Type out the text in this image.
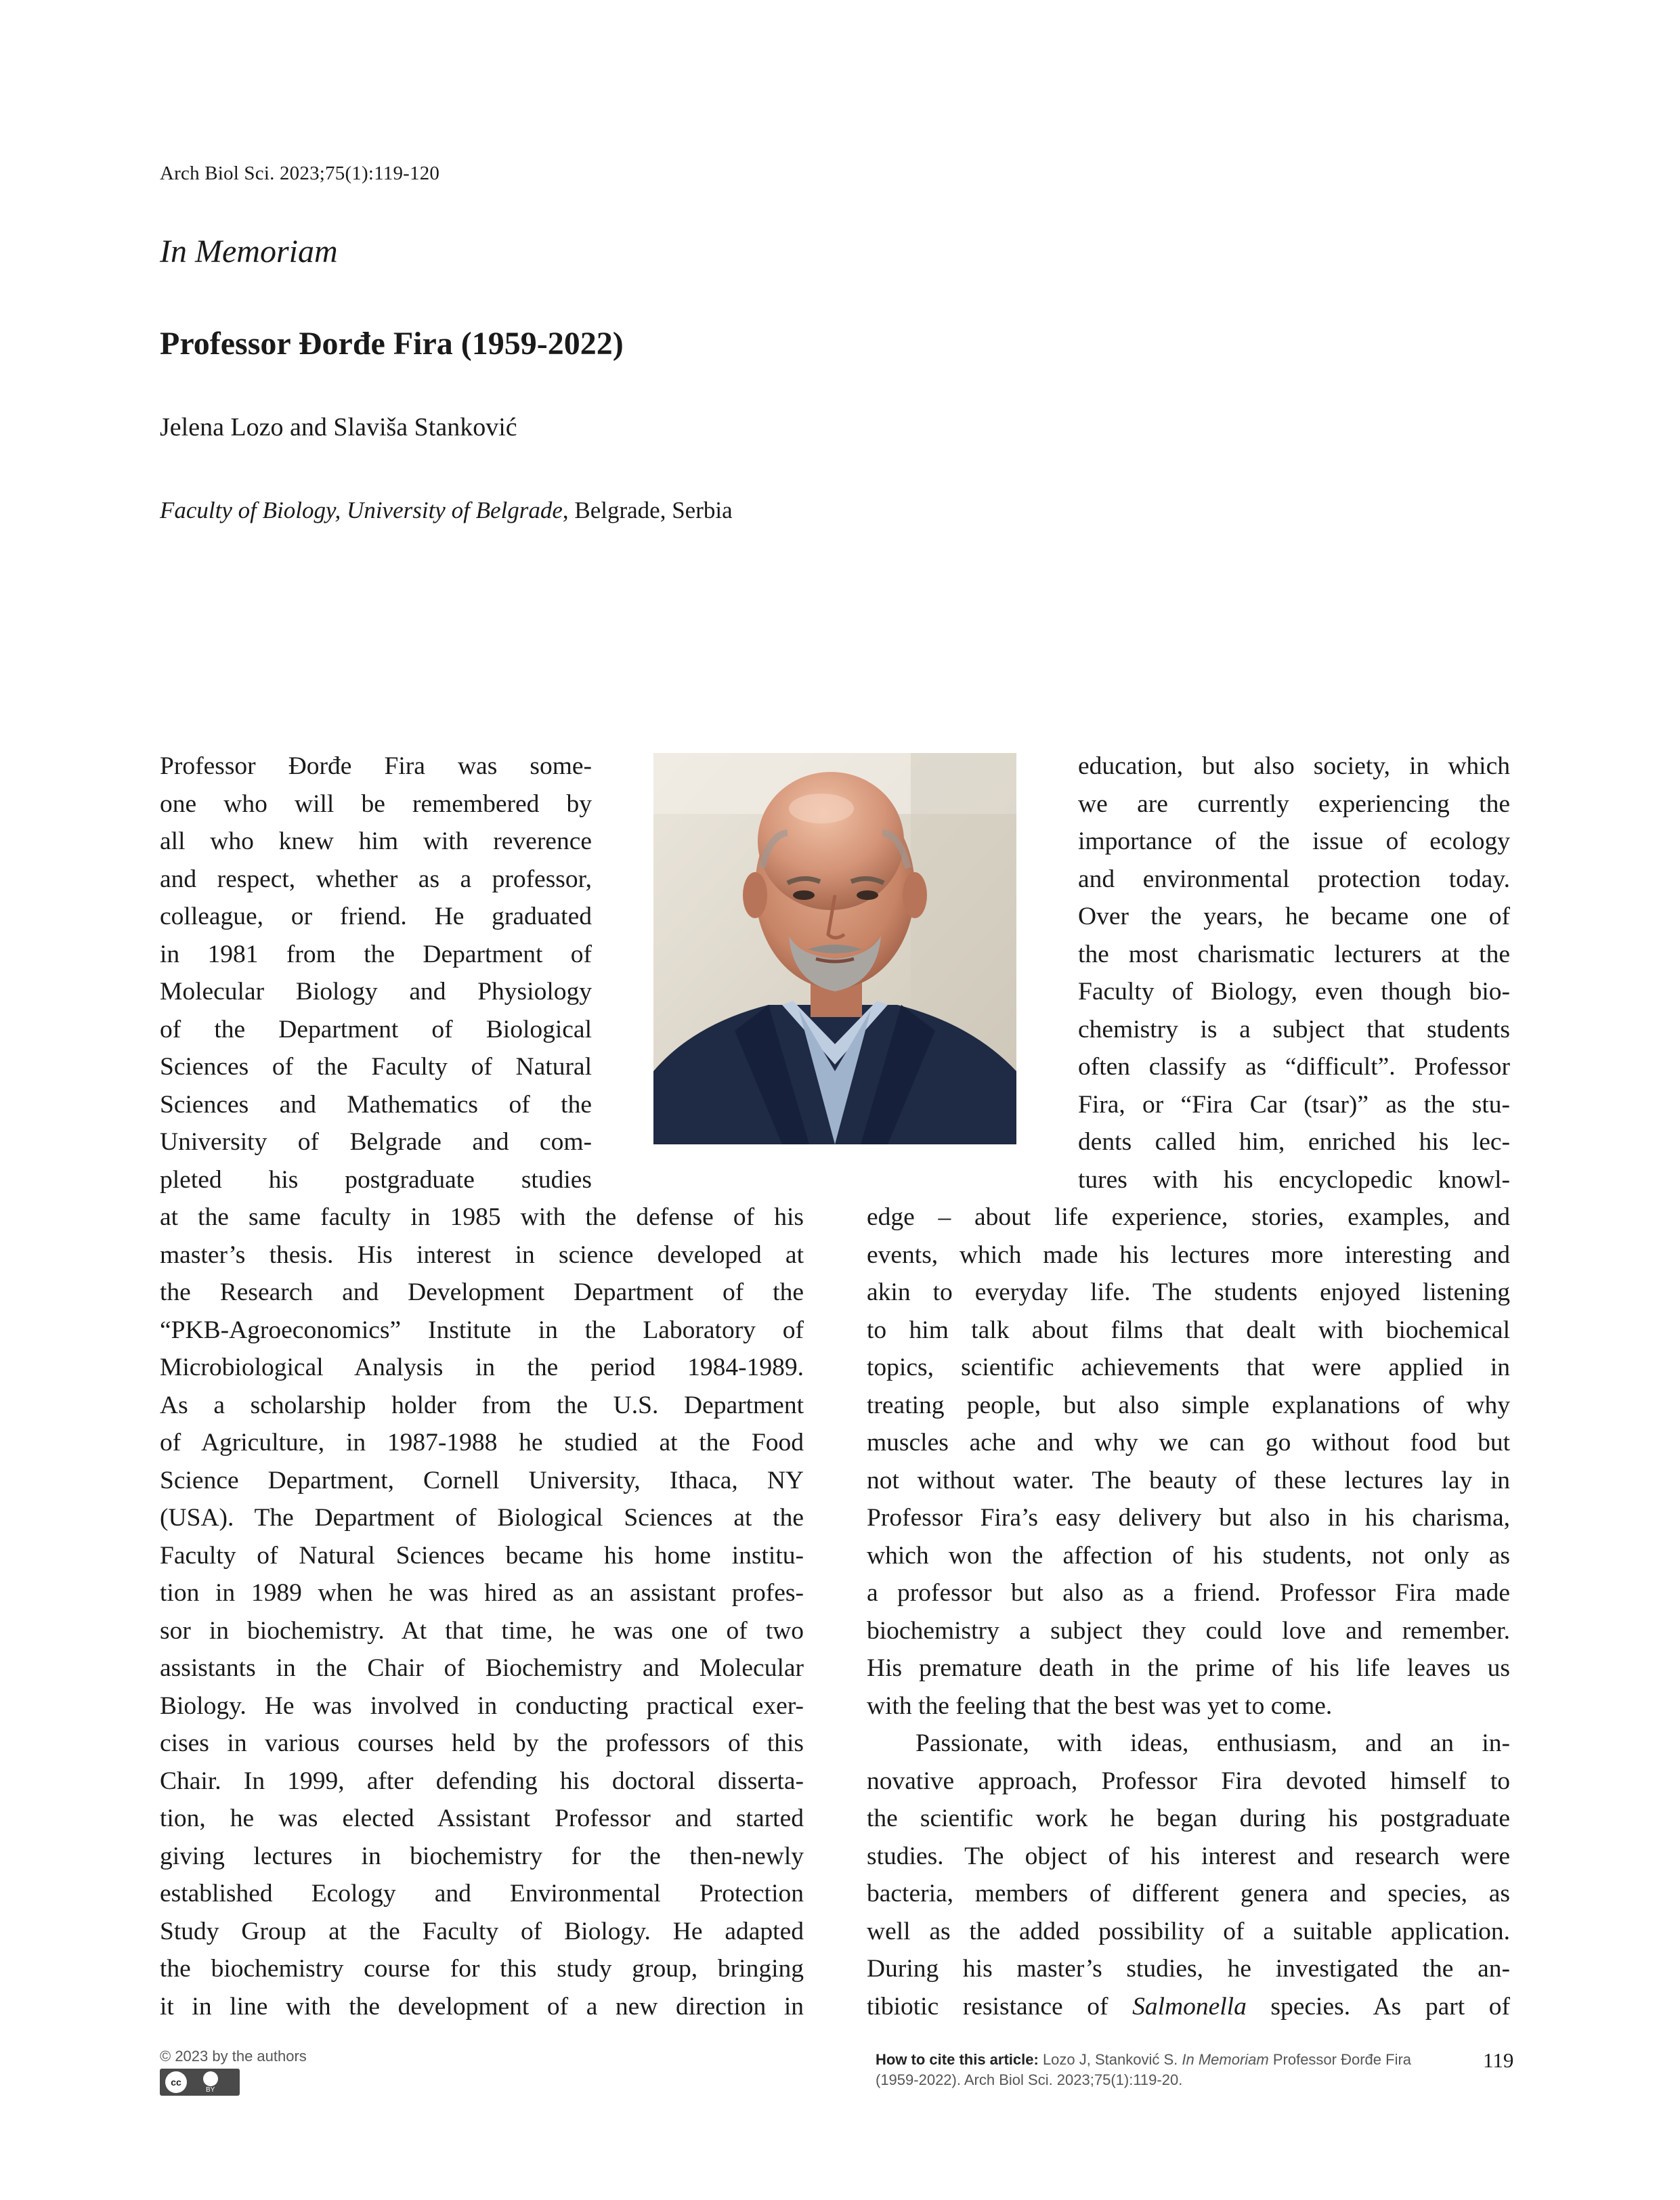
Arch Biol Sci. 2023;75(1):119-120
In Memoriam
Professor Đorđe Fira (1959-2022)
Jelena Lozo and Slaviša Stanković
Faculty of Biology, University of Belgrade, Belgrade, Serbia
Professor Đorđe Fira was some-
one who will be remembered by
all who knew him with reverence
and respect, whether as a professor,
colleague, or friend. He graduated
in 1981 from the Department of
Molecular Biology and Physiology
of the Department of Biological
Sciences of the Faculty of Natural
Sciences and Mathematics of the
University of Belgrade and com-
pleted his postgraduate studies
at the same faculty in 1985 with the defense of his
master’s thesis. His interest in science developed at
the Research and Development Department of the
“PKB-Agroeconomics” Institute in the Laboratory of
Microbiological Analysis in the period 1984-1989.
As a scholarship holder from the U.S. Department
of Agriculture, in 1987-1988 he studied at the Food
Science Department, Cornell University, Ithaca, NY
(USA). The Department of Biological Sciences at the
Faculty of Natural Sciences became his home institu-
tion in 1989 when he was hired as an assistant profes-
sor in biochemistry. At that time, he was one of two
assistants in the Chair of Biochemistry and Molecular
Biology. He was involved in conducting practical exer-
cises in various courses held by the professors of this
Chair. In 1999, after defending his doctoral disserta-
tion, he was elected Assistant Professor and started
giving lectures in biochemistry for the then-newly
established Ecology and Environmental Protection
Study Group at the Faculty of Biology. He adapted
the biochemistry course for this study group, bringing
it in line with the development of a new direction in
education, but also society, in which
we are currently experiencing the
importance of the issue of ecology
and environmental protection today.
Over the years, he became one of
the most charismatic lecturers at the
Faculty of Biology, even though bio-
chemistry is a subject that students
often classify as “difficult”. Professor
Fira, or “Fira Car (tsar)” as the stu-
dents called him, enriched his lec-
tures with his encyclopedic knowl-
edge – about life experience, stories, examples, and
events, which made his lectures more interesting and
akin to everyday life. The students enjoyed listening
to him talk about films that dealt with biochemical
topics, scientific achievements that were applied in
treating people, but also simple explanations of why
muscles ache and why we can go without food but
not without water. The beauty of these lectures lay in
Professor Fira’s easy delivery but also in his charisma,
which won the affection of his students, not only as
a professor but also as a friend. Professor Fira made
biochemistry a subject they could love and remember.
His premature death in the prime of his life leaves us
with the feeling that the best was yet to come.
Passionate, with ideas, enthusiasm, and an in-
novative approach, Professor Fira devoted himself to
the scientific work he began during his postgraduate
studies. The object of his interest and research were
bacteria, members of different genera and species, as
well as the added possibility of a suitable application.
During his master’s studies, he investigated the an-
tibiotic resistance of Salmonella species. As part of
© 2023 by the authors
cc
BY
How to cite this article: Lozo J, Stanković S. In Memoriam Professor Đorđe Fira (1959-2022). Arch Biol Sci. 2023;75(1):119-20.
119
